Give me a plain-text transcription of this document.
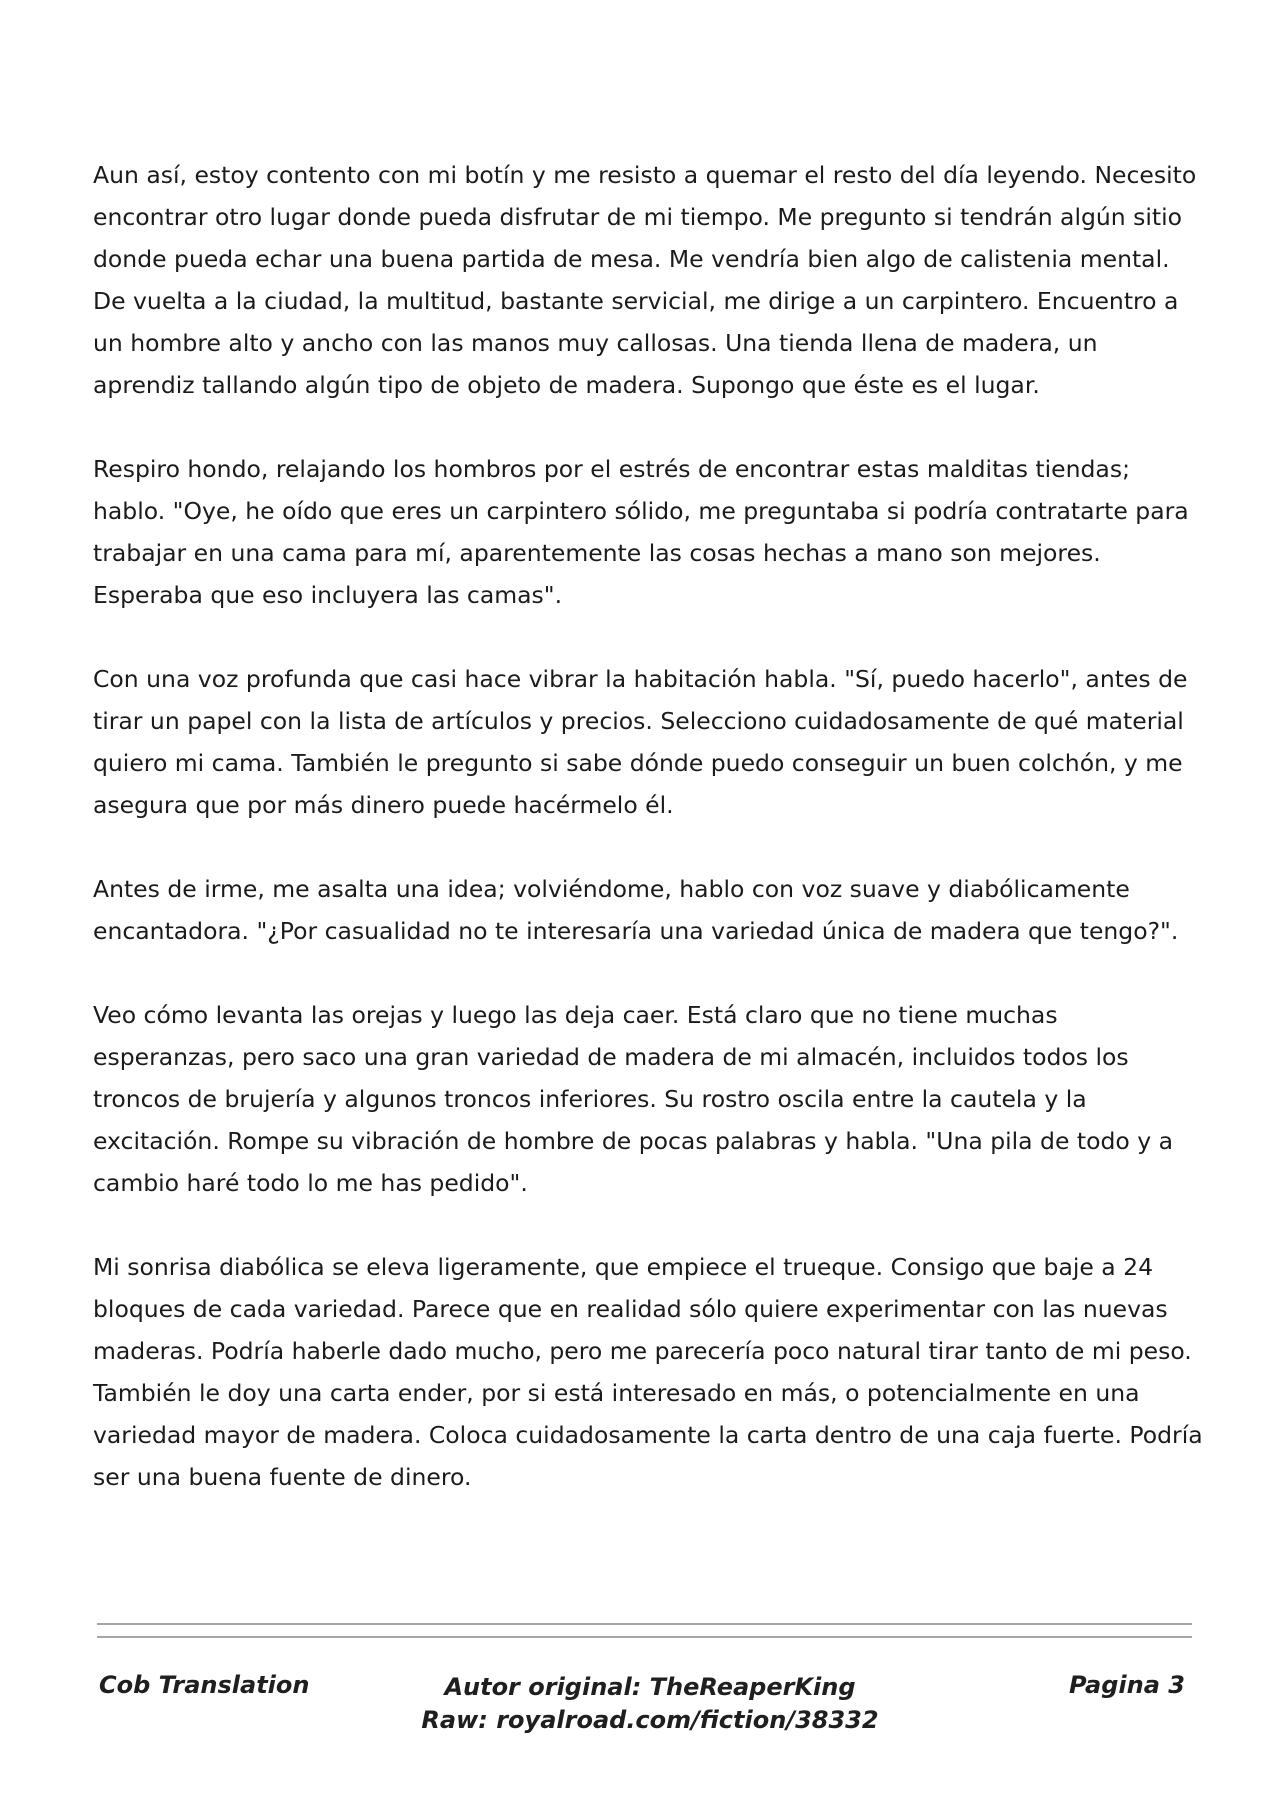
Aun así, estoy contento con mi botín y me resisto a quemar el resto del día leyendo. Necesito encontrar otro lugar donde pueda disfrutar de mi tiempo. Me pregunto si tendrán algún sitio donde pueda echar una buena partida de mesa. Me vendría bien algo de calistenia mental. De vuelta a la ciudad, la multitud, bastante servicial, me dirige a un carpintero. Encuentro a un hombre alto y ancho con las manos muy callosas. Una tienda llena de madera, un aprendiz tallando algún tipo de objeto de madera. Supongo que éste es el lugar.

Respiro hondo, relajando los hombros por el estrés de encontrar estas malditas tiendas; hablo. "Oye, he oído que eres un carpintero sólido, me preguntaba si podría contratarte para trabajar en una cama para mí, aparentemente las cosas hechas a mano son mejores. Esperaba que eso incluyera las camas".

Con una voz profunda que casi hace vibrar la habitación habla. "Sí, puedo hacerlo", antes de tirar un papel con la lista de artículos y precios. Selecciono cuidadosamente de qué material quiero mi cama. También le pregunto si sabe dónde puedo conseguir un buen colchón, y me asegura que por más dinero puede hacérmelo él.

Antes de irme, me asalta una idea; volviéndome, hablo con voz suave y diabólicamente encantadora. "¿Por casualidad no te interesaría una variedad única de madera que tengo?".

Veo cómo levanta las orejas y luego las deja caer. Está claro que no tiene muchas esperanzas, pero saco una gran variedad de madera de mi almacén, incluidos todos los troncos de brujería y algunos troncos inferiores. Su rostro oscila entre la cautela y la excitación. Rompe su vibración de hombre de pocas palabras y habla. "Una pila de todo y a cambio haré todo lo me has pedido".

Mi sonrisa diabólica se eleva ligeramente, que empiece el trueque. Consigo que baje a 24 bloques de cada variedad. Parece que en realidad sólo quiere experimentar con las nuevas maderas. Podría haberle dado mucho, pero me parecería poco natural tirar tanto de mi peso. También le doy una carta ender, por si está interesado en más, o potencialmente en una variedad mayor de madera. Coloca cuidadosamente la carta dentro de una caja fuerte. Podría ser una buena fuente de dinero.

Cob Translation	Autor original: TheReaperKing
Raw: royalroad.com/fiction/38332
Pagina 3
